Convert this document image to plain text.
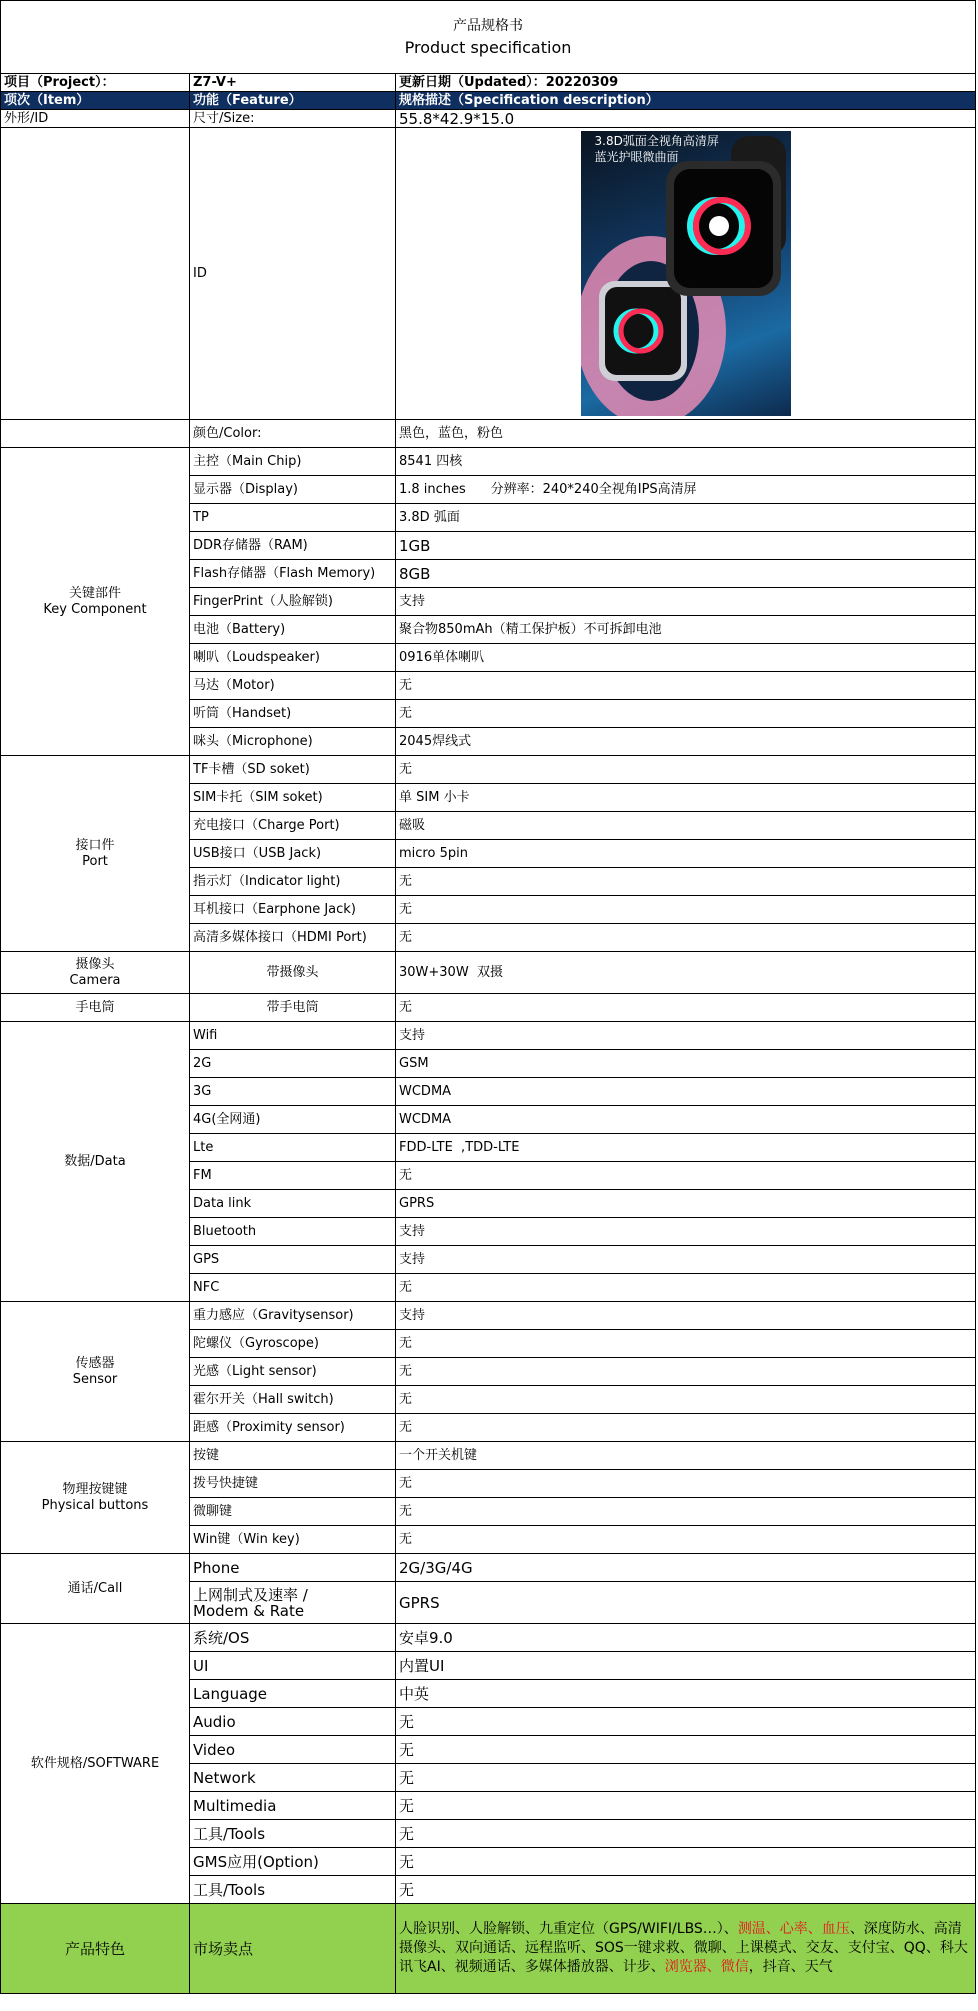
产品规格书
Product specification		

项目（Project）：	Z7-V+	更新日期（Updated）：20220309
项次（Item）	功能（Feature）	规格描述（Specification description）
外形/ID	尺寸/Size:	55.8*42.9*15.0
	ID	3.8D弧面全视角高清屏
蓝光护眼微曲面

	颜色/Color:	黑色，蓝色，粉色

关键部件
Key Component	主控（Main Chip)	8541 四核
	显示器（Display)	1.8 inches      分辨率：240*240全视角IPS高清屏
	TP	3.8D 弧面
	DDR存储器（RAM)	1GB
	Flash存储器（Flash Memory)	8GB
	FingerPrint（人脸解锁)	支持
	电池（Battery)	聚合物850mAh（精工保护板）不可拆卸电池
	喇叭（Loudspeaker)	0916单体喇叭
	马达（Motor)	无
	听筒（Handset)	无
	咪头（Microphone)	2045焊线式

接口件
Port	TF卡槽（SD soket)	无
	SIM卡托（SIM soket)	单 SIM 小卡
	充电接口（Charge Port)	磁吸
	USB接口（USB Jack)	micro 5pin
	指示灯（Indicator light)	无
	耳机接口（Earphone Jack)	无
	高清多媒体接口（HDMI Port)	无

摄像头
Camera	带摄像头	30W+30W  双摄
手电筒	带手电筒	无
数据/Data	Wifi	支持
	2G	GSM
	3G	WCDMA
	4G(全网通)	WCDMA
	Lte	FDD-LTE  ,TDD-LTE
	FM	无
	Data link	GPRS
	Bluetooth	支持
	GPS	支持
	NFC	无

传感器
Sensor	重力感应（Gravitysensor)	支持
	陀螺仪（Gyroscope)	无
	光感（Light sensor)	无
	霍尔开关（Hall switch)	无
	距感（Proximity sensor)	无

物理按键键
Physical buttons	按键	一个开关机键
	拨号快捷键	无
	微聊键	无
	Win键（Win key)	无
通话/Call	Phone	2G/3G/4G

	上网制式及速率 /
Modem & Rate	GPRS
软件规格/SOFTWARE	系统/OS	安卓9.0
	UI	内置UI
	Language	中英
	Audio	无
	Video	无
	Network	无
	Multimedia	无
	工具/Tools	无
	GMS应用(Option)	无
	工具/Tools	无
产品特色	市场卖点	人脸识别、人脸解锁、九重定位（GPS/WIFI/LBS…）、测温、心率、血压、深度防水、高清摄像头、双向通话、远程监听、SOS一键求救、微聊、上课模式、交友、支付宝、QQ、科大讯飞AI、视频通话、多媒体播放器、计步、浏览器、微信，抖音、天气
